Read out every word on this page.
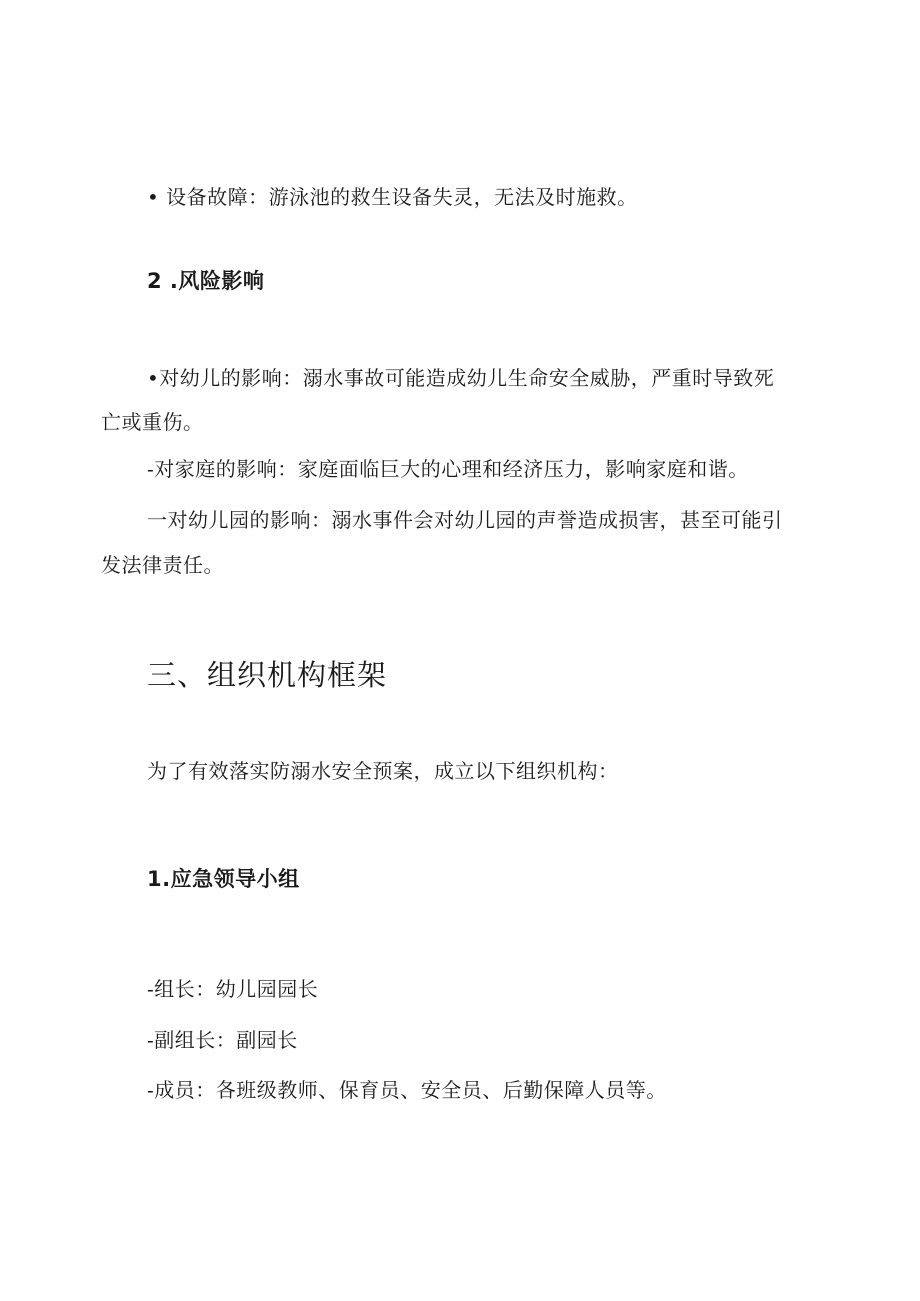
• 设备故障：游泳池的救生设备失灵，无法及时施救。
2 .风险影响
•对幼儿的影响：溺水事故可能造成幼儿生命安全威胁，严重时导致死
亡或重伤。
-对家庭的影响：家庭面临巨大的心理和经济压力，影响家庭和谐。
一对幼儿园的影响：溺水事件会对幼儿园的声誉造成损害，甚至可能引
发法律责任。
三、组织机构框架
为了有效落实防溺水安全预案，成立以下组织机构：
1.应急领导小组
-组长：幼儿园园长
-副组长：副园长
-成员：各班级教师、保育员、安全员、后勤保障人员等。
